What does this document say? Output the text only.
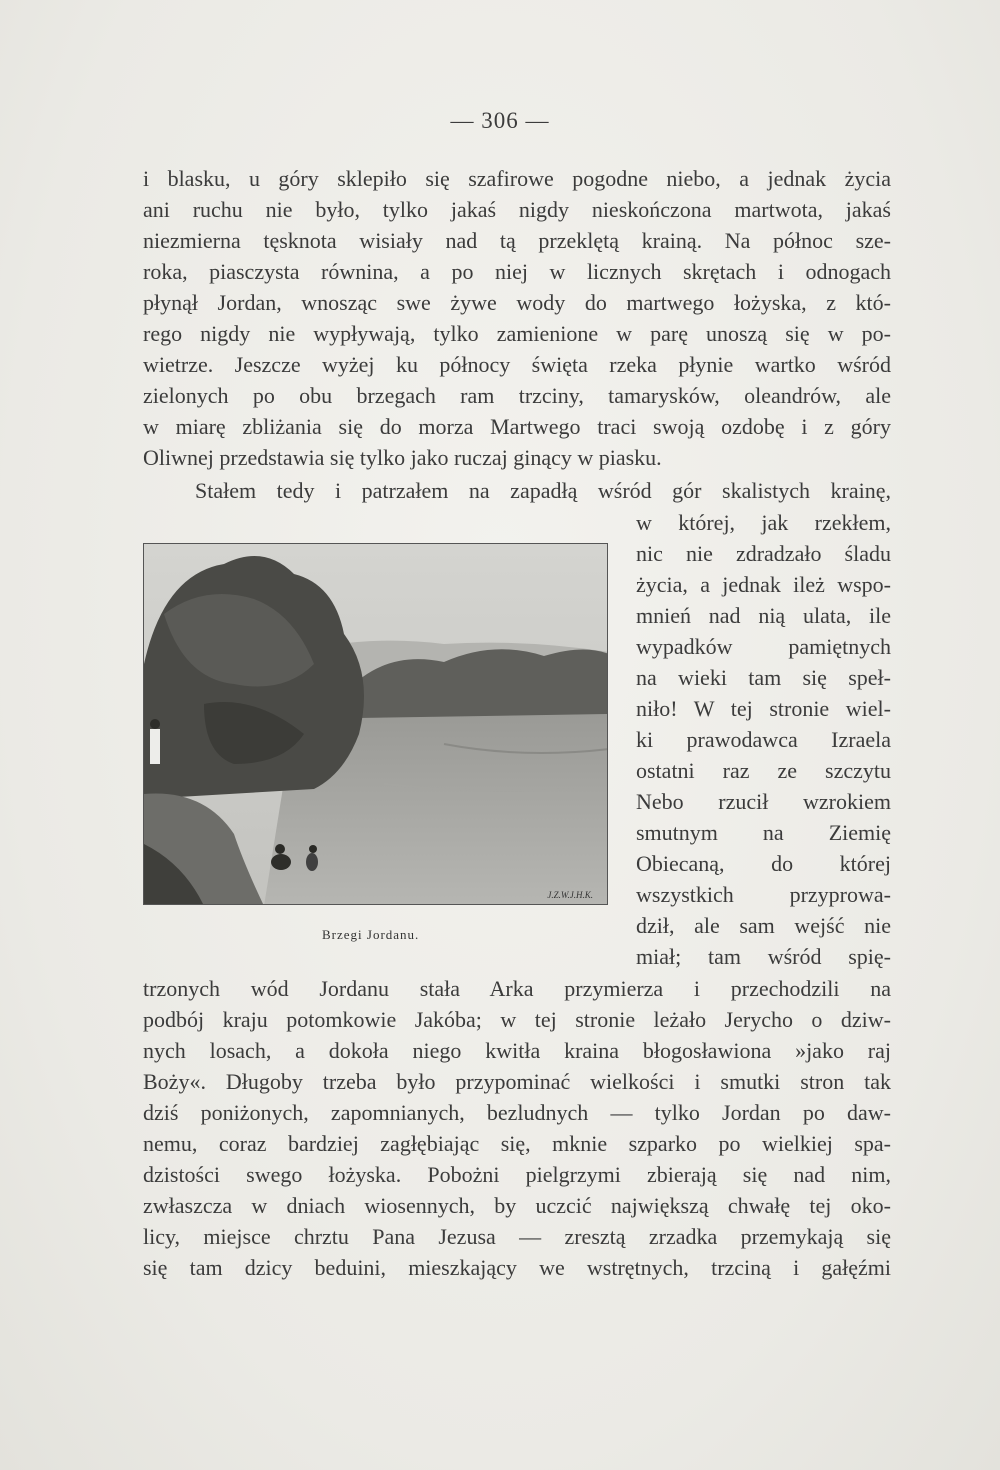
— 306 —
i blasku, u góry sklepiło się szafirowe pogodne niebo, a jednak życia
ani ruchu nie było, tylko jakaś nigdy nieskończona martwota, jakaś
niezmierna tęsknota wisiały nad tą przeklętą krainą. Na północ sze-
roka, piasczysta równina, a po niej w licznych skrętach i odnogach
płynął Jordan, wnosząc swe żywe wody do martwego łożyska, z któ-
rego nigdy nie wypływają, tylko zamienione w parę unoszą się w po-
wietrze. Jeszcze wyżej ku północy święta rzeka płynie wartko wśród
zielonych po obu brzegach ram trzciny, tamarysków, oleandrów, ale
w miarę zbliżania się do morza Martwego traci swoją ozdobę i z góry
Oliwnej przedstawia się tylko jako ruczaj ginący w piasku.
Stałem tedy i patrzałem na zapadłą wśród gór skalistych krainę,
J.Z.W.J.H.K.
Brzegi Jordanu.
w której, jak rzekłem,
nic nie zdradzało śladu
życia, a jednak ileż wspo-
mnień nad nią ulata, ile
wypadków pamiętnych
na wieki tam się speł-
niło! W tej stronie wiel-
ki prawodawca Izraela
ostatni raz ze szczytu
Nebo rzucił wzrokiem
smutnym na Ziemię
Obiecaną, do której
wszystkich przyprowa-
dził, ale sam wejść nie
miał; tam wśród spię-
trzonych wód Jordanu stała Arka przymierza i przechodzili na
podbój kraju potomkowie Jakóba; w tej stronie leżało Jerycho o dziw-
nych losach, a dokoła niego kwitła kraina błogosławiona »jako raj
Boży«. Długoby trzeba było przypominać wielkości i smutki stron tak
dziś poniżonych, zapomnianych, bezludnych — tylko Jordan po daw-
nemu, coraz bardziej zagłębiając się, mknie szparko po wielkiej spa-
dzistości swego łożyska. Pobożni pielgrzymi zbierają się nad nim,
zwłaszcza w dniach wiosennych, by uczcić największą chwałę tej oko-
licy, miejsce chrztu Pana Jezusa — zresztą zrzadka przemykają się
się tam dzicy beduini, mieszkający we wstrętnych, trzciną i gałęźmi
